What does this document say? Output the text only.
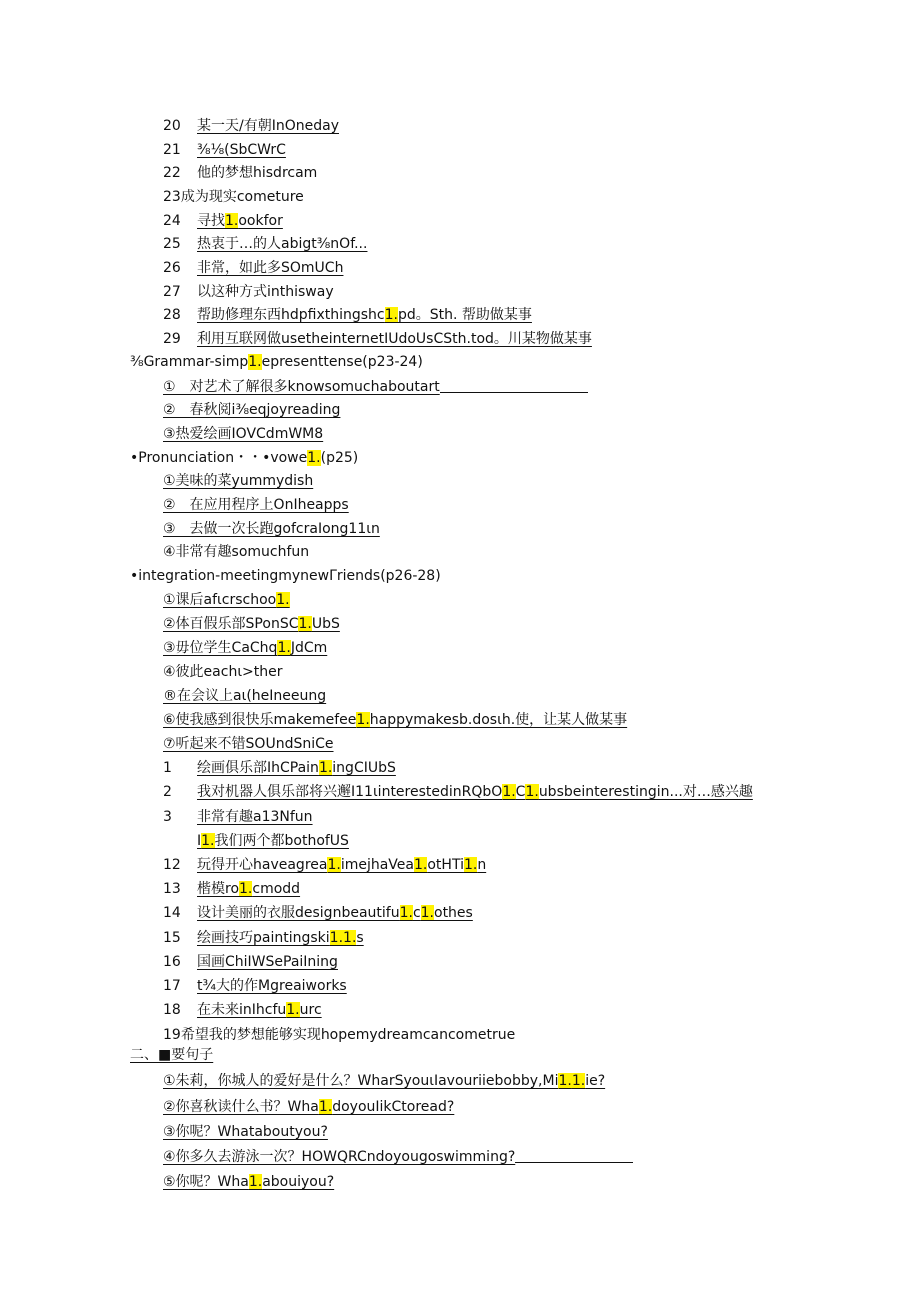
20 某一天/有朝InOneday
21 ⅜⅛(SbCWrC
22 他的梦想hisdrcam
23成为现实cometure
24 寻找1.ookfor
25 热衷于…的人abigt⅜nOf...
26 非常，如此多SOmUCh
27 以这种方式inthisway
28 帮助修理东西hdpfixthingshc1.pd。Sth. 帮助做某事
29 利用互联网做usetheinternetIUdoUsCSth.tod。川某物做某事
⅜Grammar-simp1.epresenttense(p23-24)
①　对艺术了解很多knowsomuchaboutart
②　春秋阅i⅜eqjoyreading
③热爱绘画IOVCdmWM8
•Pronunciation・・•vowe1.(p25)
①美味的菜yummydish
②　在应用程序上OnIheapps
③　去做一次长跑gofcraIong11ιn
④非常有趣somuchfun
•integration-meetingmynewΓriends(p26-28)
①课后afιcrschoo1.
②体百假乐部SPonSC1.UbS
③毋位学生CaChq1.JdCm
④彼此eachι>ther
®在会议上aι(heIneeung
⑥使我感到很快乐makemefee1.happymakesb.dosιh.使，让某人做某事
⑦听起来不错SOUndSniCe
1 绘画俱乐部IhCPain1.ingCIUbS
2 我对机器人俱乐部将兴邂I11ιinterestedinRQbO1.C1.ubsbeinterestingin...对…感兴趣
3 非常有趣a13Nfun
I1.我们两个都bothofUS
12 玩得开心haveagrea1.imejhaVea1.otHTi1.n
13 楷模ro1.cmodd
14 设计美丽的衣服designbeautifu1.c1.othes
15 绘画技巧paintingski1.1.s
16 国画ChiIWSePaiIning
17 t¾大的作Mgreaiworks
18 在未来inIhcfu1.urc
19希望我的梦想能够实现hopemydreamcancometrue
二、■要句子
①朱莉，你城人的爱好是什么？WharSyouιIavouriiebobby,Mi1.1.ie?
②你喜秋读什么书？Wha1.doyouIikCtoread?
③你呢？Whataboutyou?
④你多久去游泳一次？HOWQRCndoyougoswimming?
⑤你呢？Wha1.abouiyou?
